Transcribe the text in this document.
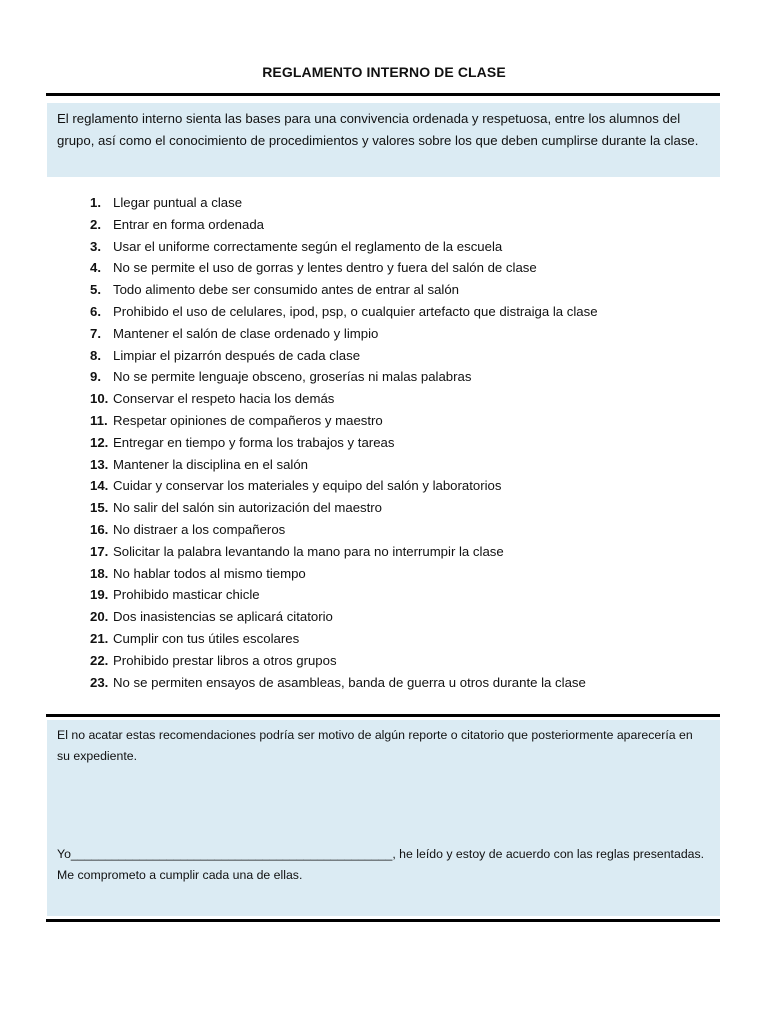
REGLAMENTO INTERNO DE CLASE
El reglamento interno sienta las bases para una convivencia ordenada y respetuosa, entre los alumnos del grupo, así como el conocimiento de procedimientos y valores sobre los que deben cumplirse durante la clase.
1. Llegar puntual a clase
2. Entrar en forma ordenada
3. Usar el uniforme correctamente según el reglamento de la escuela
4. No se permite el uso de gorras y lentes dentro y fuera del salón de clase
5. Todo alimento debe ser consumido antes de entrar al salón
6. Prohibido el uso de celulares, ipod, psp, o cualquier artefacto que distraiga la clase
7. Mantener el salón de clase ordenado y limpio
8. Limpiar el pizarrón después de cada clase
9. No se permite lenguaje obsceno, groserías ni malas palabras
10. Conservar el respeto hacia los demás
11. Respetar opiniones de compañeros y maestro
12. Entregar en tiempo y forma los trabajos y tareas
13. Mantener la disciplina en el salón
14. Cuidar y conservar los materiales y equipo del salón y laboratorios
15. No salir del salón sin autorización del maestro
16. No distraer a los compañeros
17. Solicitar la palabra levantando la mano para no interrumpir la clase
18. No hablar todos al mismo tiempo
19. Prohibido masticar chicle
20. Dos inasistencias se aplicará citatorio
21. Cumplir con tus útiles escolares
22. Prohibido prestar libros a otros grupos
23. No se permiten ensayos de asambleas, banda de guerra u otros durante la clase
El no acatar estas recomendaciones podría ser motivo de algún reporte o citatorio que posteriormente aparecería en su expediente.
Yo_______________________________________________, he leído y estoy de acuerdo con las reglas presentadas.
Me comprometo a cumplir cada una de ellas.
